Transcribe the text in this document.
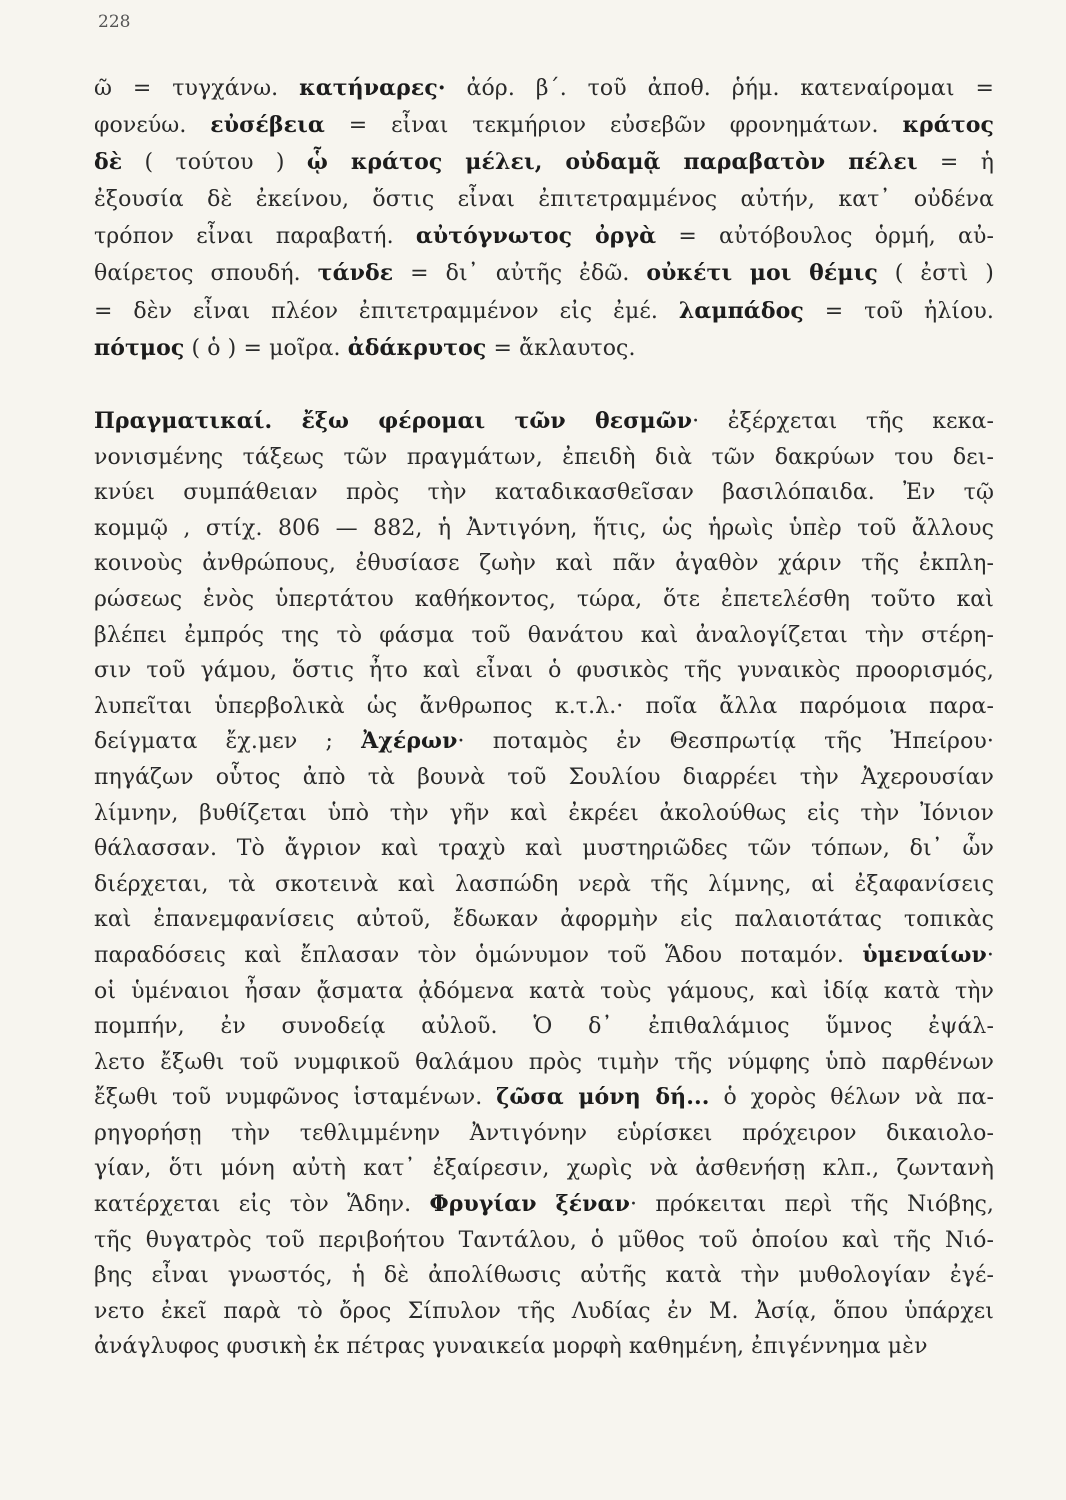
228
ῶ = τυγχάνω. κατήναρες· ἀόρ. β΄. τοῦ ἀποθ. ῥήμ. κατεναίρομαι =
φονεύω. εὐσέβεια = εἶναι τεκμήριον εὐσεβῶν φρονημάτων. κράτος
δὲ ( τούτου ) ᾧ κράτος μέλει, οὐδαμᾷ παραβατὸν πέλει = ἡ
ἐξουσία δὲ ἐκείνου, ὅστις εἶναι ἐπιτετραμμένος αὐτήν, κατ᾽ οὐδένα
τρόπον εἶναι παραβατή. αὐτόγνωτος ὀργὰ = αὐτόβουλος ὁρμή, αὐ-
θαίρετος σπουδή. τάνδε = δι᾽ αὐτῆς ἐδῶ. οὐκέτι μοι θέμις ( ἐστὶ )
= δὲν εἶναι πλέον ἐπιτετραμμένον εἰς ἐμέ. λαμπάδος = τοῦ ἡλίου.
πότμος ( ὁ ) = μοῖρα. ἀδάκρυτος = ἄκλαυτος.
Πραγματικαί. ἔξω φέρομαι τῶν θεσμῶν· ἐξέρχεται τῆς κεκα-
νονισμένης τάξεως τῶν πραγμάτων, ἐπειδὴ διὰ τῶν δακρύων του δει-
κνύει συμπάθειαν πρὸς τὴν καταδικασθεῖσαν βασιλόπαιδα. Ἐν τῷ
κομμῷ , στίχ. 806 — 882, ἡ Ἀντιγόνη, ἥτις, ὡς ἡρωὶς ὑπὲρ τοῦ ἄλλους
κοινοὺς ἀνθρώπους, ἐθυσίασε ζωὴν καὶ πᾶν ἀγαθὸν χάριν τῆς ἐκπλη-
ρώσεως ἑνὸς ὑπερτάτου καθήκοντος, τώρα, ὅτε ἐπετελέσθη τοῦτο καὶ
βλέπει ἐμπρός της τὸ φάσμα τοῦ θανάτου καὶ ἀναλογίζεται τὴν στέρη-
σιν τοῦ γάμου, ὅστις ἦτο καὶ εἶναι ὁ φυσικὸς τῆς γυναικὸς προορισμός,
λυπεῖται ὑπερβολικὰ ὡς ἄνθρωπος κ.τ.λ.· ποῖα ἄλλα παρόμοια παρα-
δείγματα ἔχ.μεν ; Ἀχέρων· ποταμὸς ἐν Θεσπρωτίᾳ τῆς Ἠπείρου·
πηγάζων οὗτος ἀπὸ τὰ βουνὰ τοῦ Σουλίου διαρρέει τὴν Ἀχερουσίαν
λίμνην, βυθίζεται ὑπὸ τὴν γῆν καὶ ἐκρέει ἀκολούθως εἰς τὴν Ἰόνιον
θάλασσαν. Τὸ ἄγριον καὶ τραχὺ καὶ μυστηριῶδες τῶν τόπων, δι᾽ ὧν
διέρχεται, τὰ σκοτεινὰ καὶ λασπώδη νερὰ τῆς λίμνης, αἱ ἐξαφανίσεις
καὶ ἐπανεμφανίσεις αὐτοῦ, ἔδωκαν ἀφορμὴν εἰς παλαιοτάτας τοπικὰς
παραδόσεις καὶ ἔπλασαν τὸν ὁμώνυμον τοῦ Ἅδου ποταμόν. ὑμεναίων·
οἱ ὑμέναιοι ἦσαν ᾄσματα ᾀδόμενα κατὰ τοὺς γάμους, καὶ ἰδίᾳ κατὰ τὴν
πομπήν, ἐν συνοδείᾳ αὐλοῦ. Ὁ δ᾽ ἐπιθαλάμιος ὕμνος ἐψάλ-
λετο ἔξωθι τοῦ νυμφικοῦ θαλάμου πρὸς τιμὴν τῆς νύμφης ὑπὸ παρθένων
ἔξωθι τοῦ νυμφῶνος ἱσταμένων. ζῶσα μόνη δή... ὁ χορὸς θέλων νὰ πα-
ρηγορήσῃ τὴν τεθλιμμένην Ἀντιγόνην εὑρίσκει πρόχειρον δικαιολο-
γίαν, ὅτι μόνη αὐτὴ κατ᾽ ἐξαίρεσιν, χωρὶς νὰ ἀσθενήσῃ κλπ., ζωντανὴ
κατέρχεται εἰς τὸν Ἅδην. Φρυγίαν ξέναν· πρόκειται περὶ τῆς Νιόβης,
τῆς θυγατρὸς τοῦ περιβοήτου Ταντάλου, ὁ μῦθος τοῦ ὁποίου καὶ τῆς Νιό-
βης εἶναι γνωστός, ἡ δὲ ἀπολίθωσις αὐτῆς κατὰ τὴν μυθολογίαν ἐγέ-
νετο ἐκεῖ παρὰ τὸ ὄρος Σίπυλον τῆς Λυδίας ἐν Μ. Ἀσίᾳ, ὅπου ὑπάρχει
ἀνάγλυφος φυσικὴ ἐκ πέτρας γυναικεία μορφὴ καθημένη, ἐπιγέννημα μὲν
